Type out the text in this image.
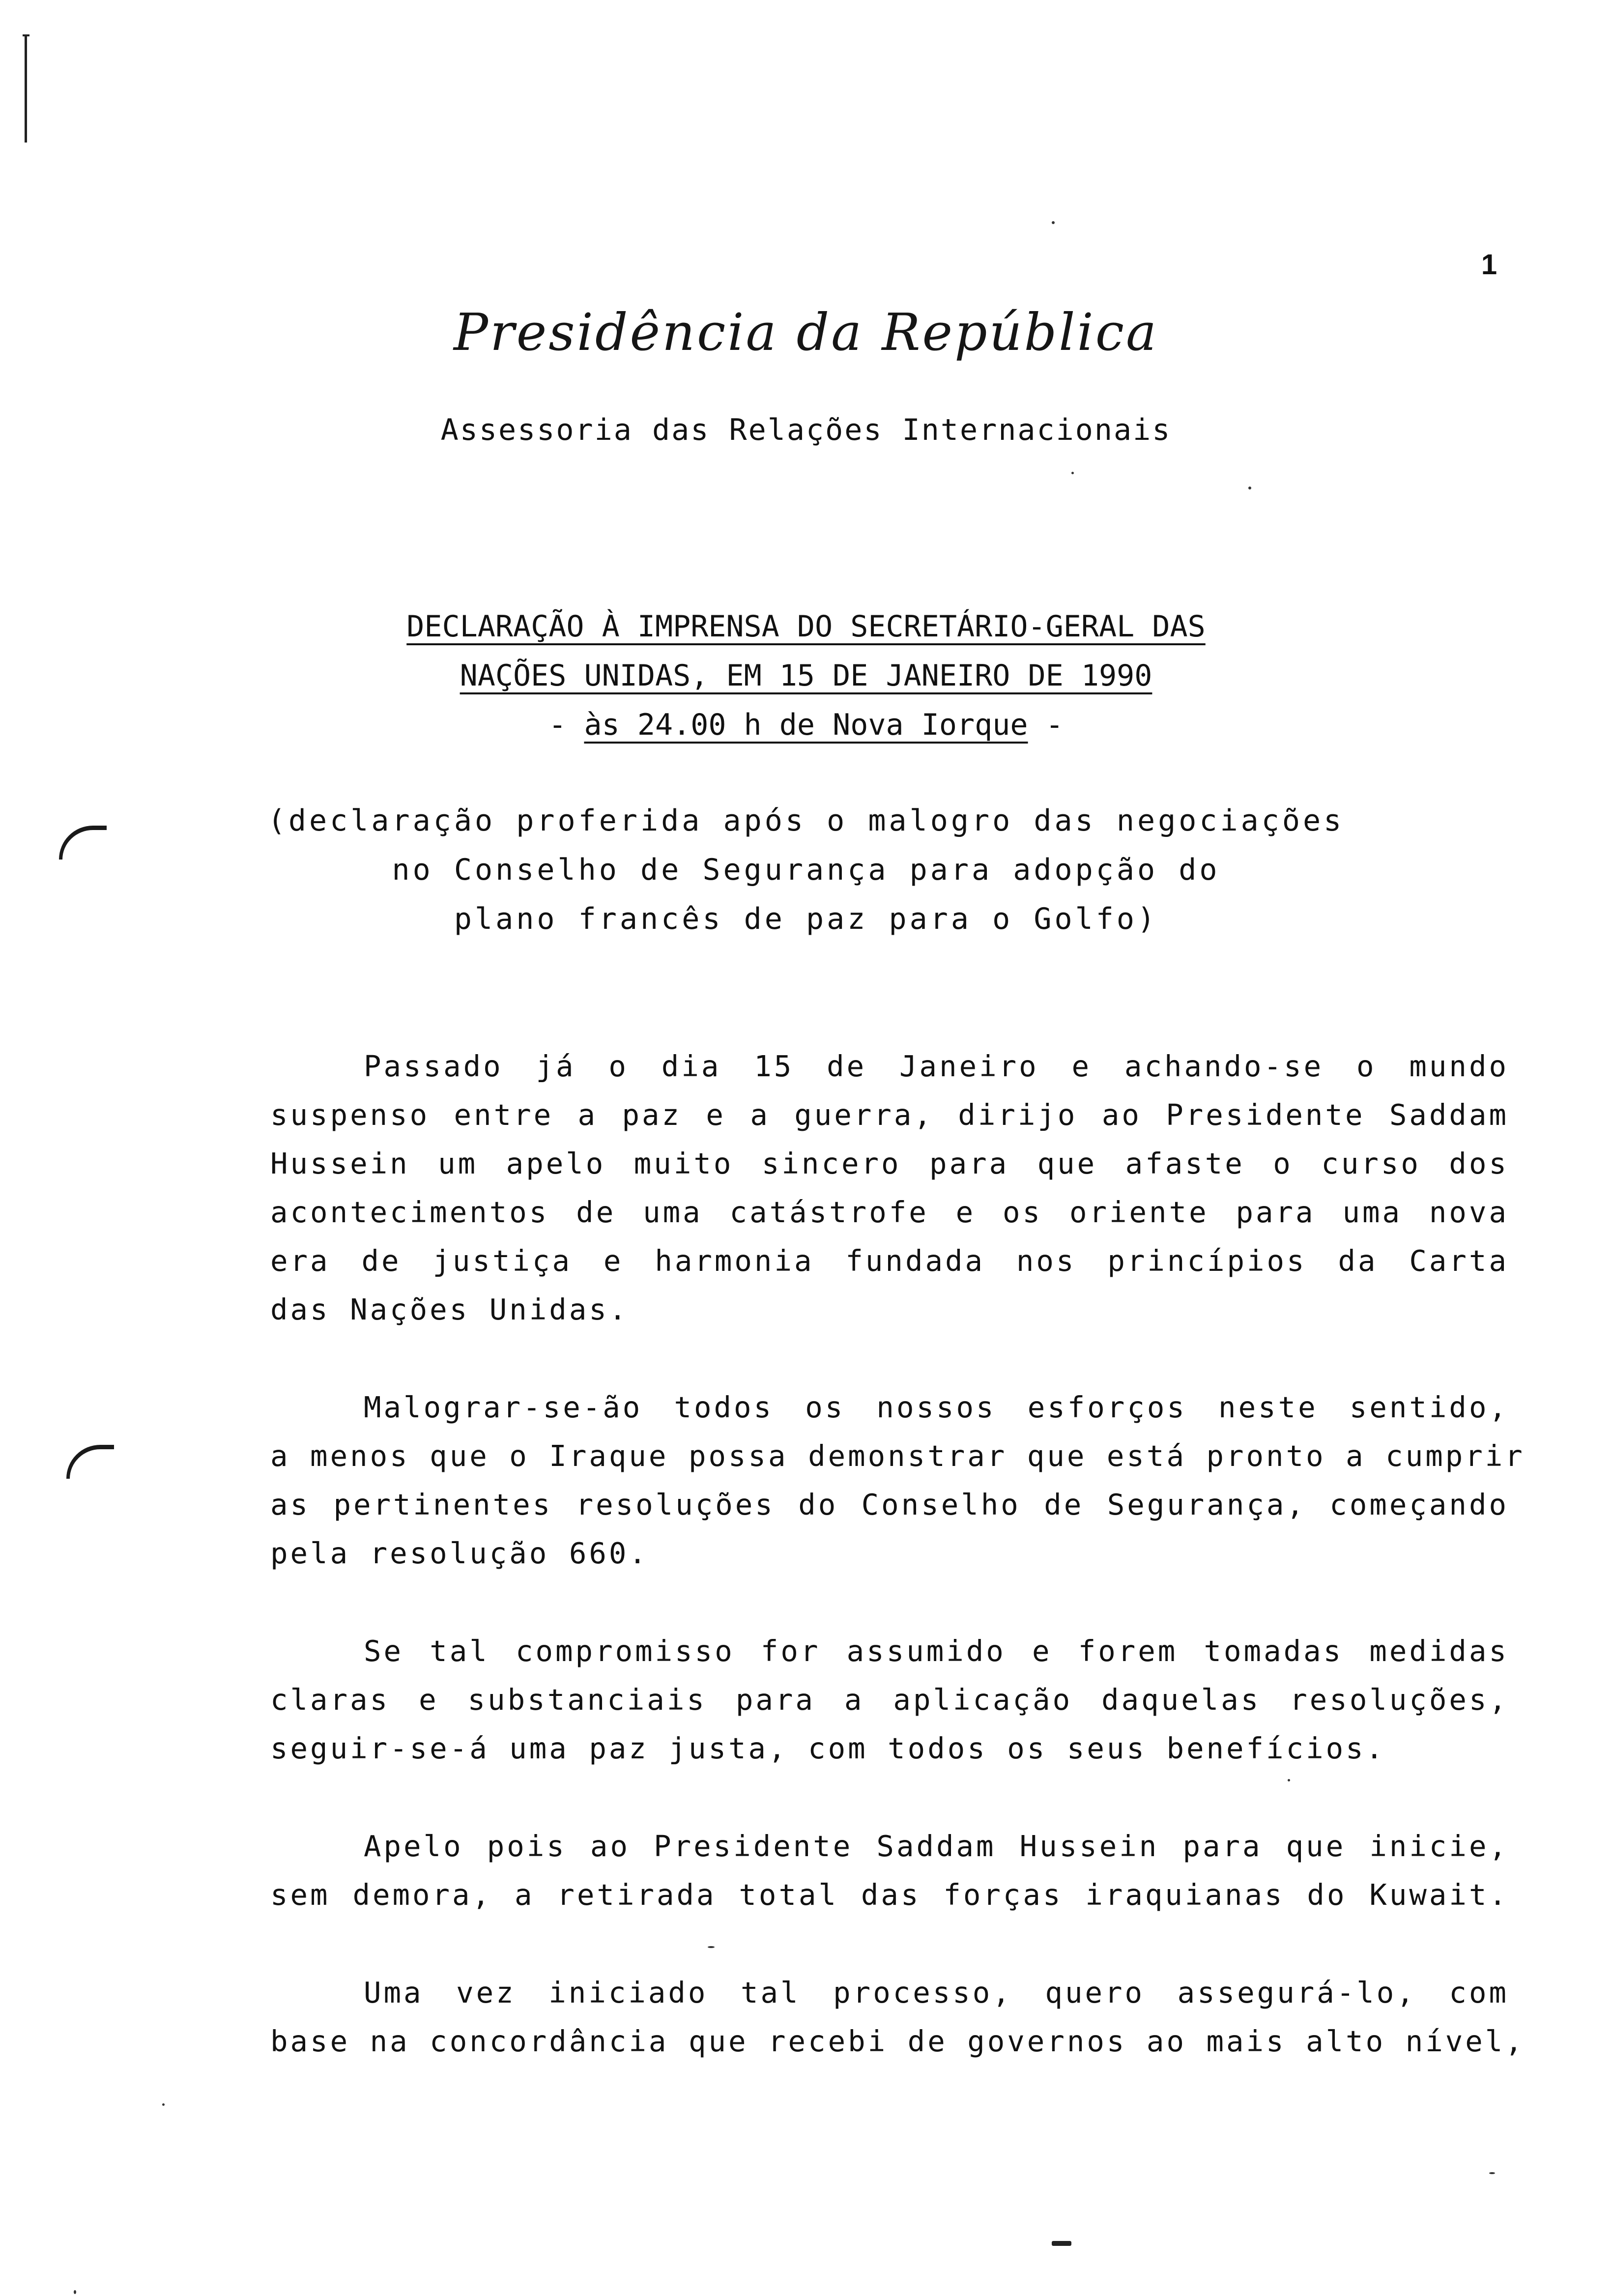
1
Presidência da República
Assessoria das Relações Internacionais
DECLARAÇÃO À IMPRENSA DO SECRETÁRIO-GERAL DAS
NAÇÕES UNIDAS, EM 15 DE JANEIRO DE 1990
- às 24.00 h de Nova Iorque -
(declaração proferida após o malogro das negociações
no Conselho de Segurança para adopção do
plano francês de paz para o Golfo)
Passado já o dia 15 de Janeiro e achando-se o mundo
suspenso entre a paz e a guerra, dirijo ao Presidente Saddam
Hussein um apelo muito sincero para que afaste o curso dos
acontecimentos de uma catástrofe e os oriente para uma nova
era de justiça e harmonia fundada nos princípios da Carta
das Nações Unidas.
Malograr-se-ão todos os nossos esforços neste sentido,
a menos que o Iraque possa demonstrar que está pronto a cumprir
as pertinentes resoluções do Conselho de Segurança, começando
pela resolução 660.
Se tal compromisso for assumido e forem tomadas medidas
claras e substanciais para a aplicação daquelas resoluções,
seguir-se-á uma paz justa, com todos os seus benefícios.
Apelo pois ao Presidente Saddam Hussein para que inicie,
sem demora, a retirada total das forças iraquianas do Kuwait.
Uma vez iniciado tal processo, quero assegurá-lo, com
base na concordância que recebi de governos ao mais alto nível,
